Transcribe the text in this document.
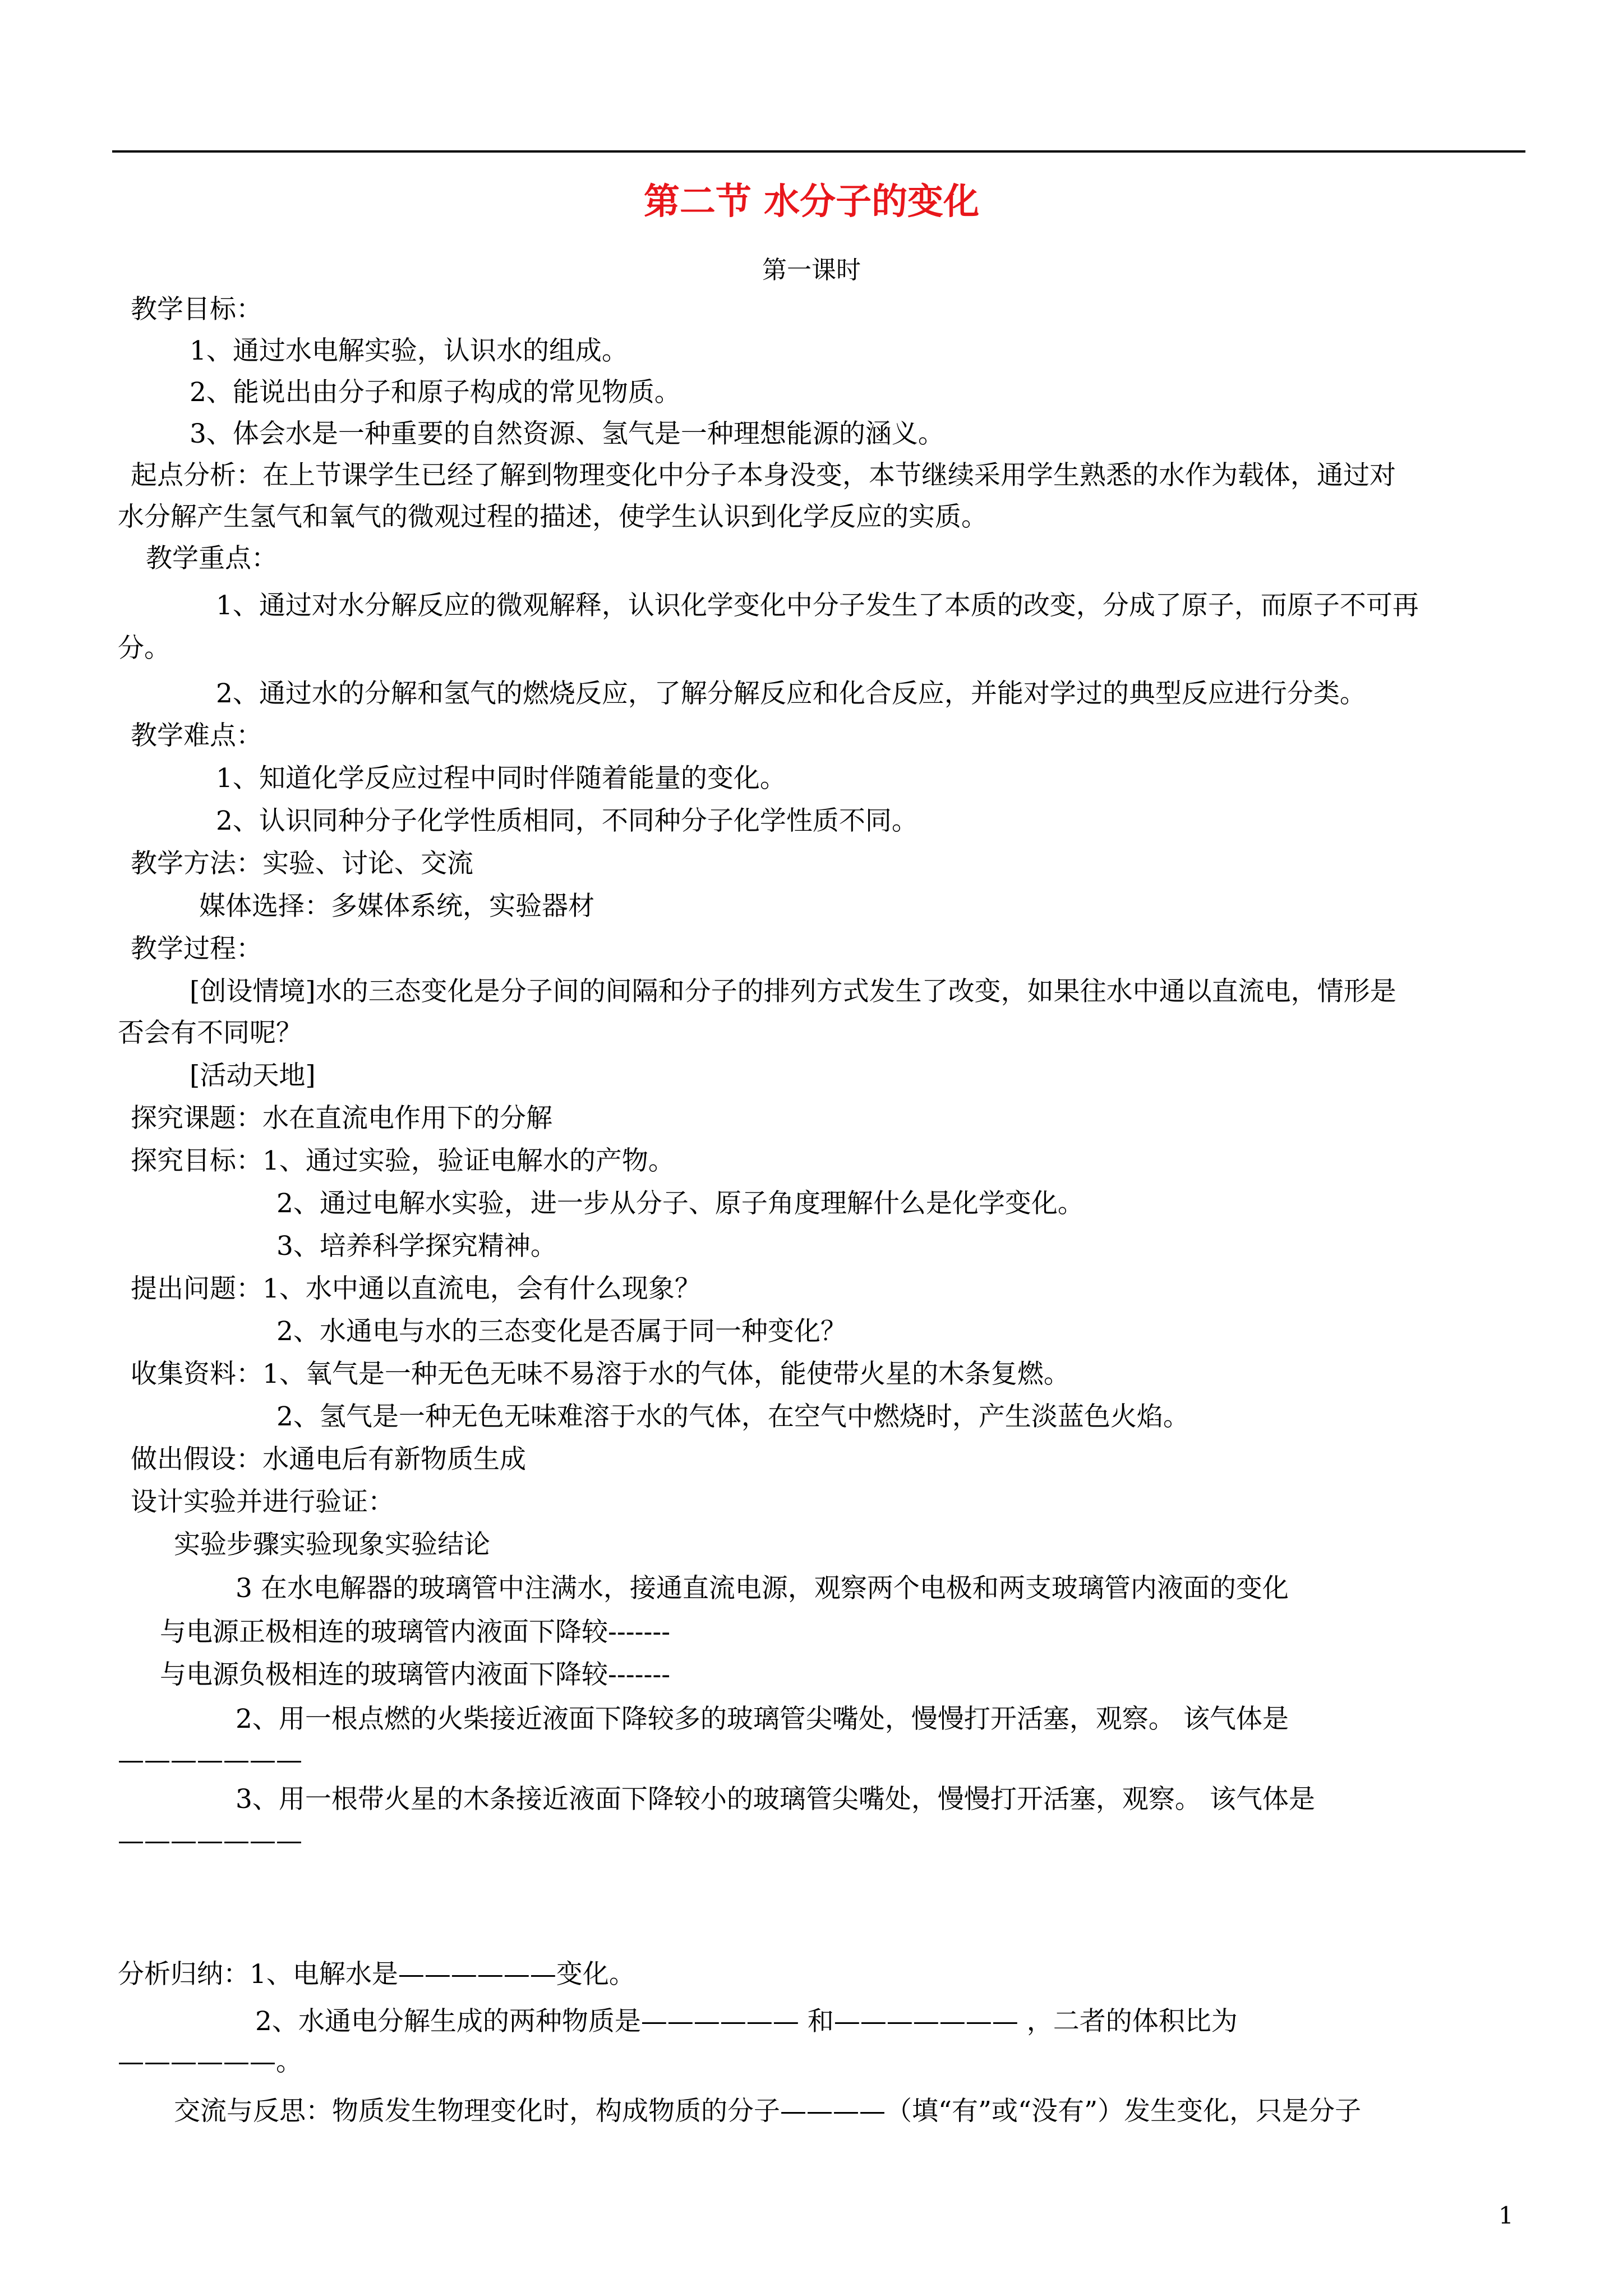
第二节 水分子的变化
第一课时
教学目标：
1、通过水电解实验，认识水的组成。
2、能说出由分子和原子构成的常见物质。
3、体会水是一种重要的自然资源、氢气是一种理想能源的涵义。
起点分析：在上节课学生已经了解到物理变化中分子本身没变，本节继续采用学生熟悉的水作为载体，通过对
水分解产生氢气和氧气的微观过程的描述，使学生认识到化学反应的实质。
教学重点：
1、通过对水分解反应的微观解释，认识化学变化中分子发生了本质的改变，分成了原子，而原子不可再
分。
2、通过水的分解和氢气的燃烧反应，了解分解反应和化合反应，并能对学过的典型反应进行分类。
教学难点：
1、知道化学反应过程中同时伴随着能量的变化。
2、认识同种分子化学性质相同，不同种分子化学性质不同。
教学方法：实验、讨论、交流
媒体选择：多媒体系统，实验器材
教学过程：
[创设情境]水的三态变化是分子间的间隔和分子的排列方式发生了改变，如果往水中通以直流电，情形是
否会有不同呢？
[活动天地]
探究课题：水在直流电作用下的分解
探究目标：1、通过实验，验证电解水的产物。
2、通过电解水实验，进一步从分子、原子角度理解什么是化学变化。
3、培养科学探究精神。
提出问题：1、水中通以直流电，会有什么现象？
2、水通电与水的三态变化是否属于同一种变化？
收集资料：1、氧气是一种无色无味不易溶于水的气体，能使带火星的木条复燃。
2、氢气是一种无色无味难溶于水的气体，在空气中燃烧时，产生淡蓝色火焰。
做出假设：水通电后有新物质生成
设计实验并进行验证：
实验步骤实验现象实验结论
3 在水电解器的玻璃管中注满水，接通直流电源，观察两个电极和两支玻璃管内液面的变化
与电源正极相连的玻璃管内液面下降较-------
与电源负极相连的玻璃管内液面下降较-------
2、用一根点燃的火柴接近液面下降较多的玻璃管尖嘴处，慢慢打开活塞，观察。 该气体是
———————
3、用一根带火星的木条接近液面下降较小的玻璃管尖嘴处，慢慢打开活塞，观察。 该气体是
———————
分析归纳：1、电解水是——————变化。
2、水通电分解生成的两种物质是—————— 和——————— ，二者的体积比为
——————。
交流与反思：物质发生物理变化时，构成物质的分子————（填“有”或“没有”）发生变化，只是分子
1
